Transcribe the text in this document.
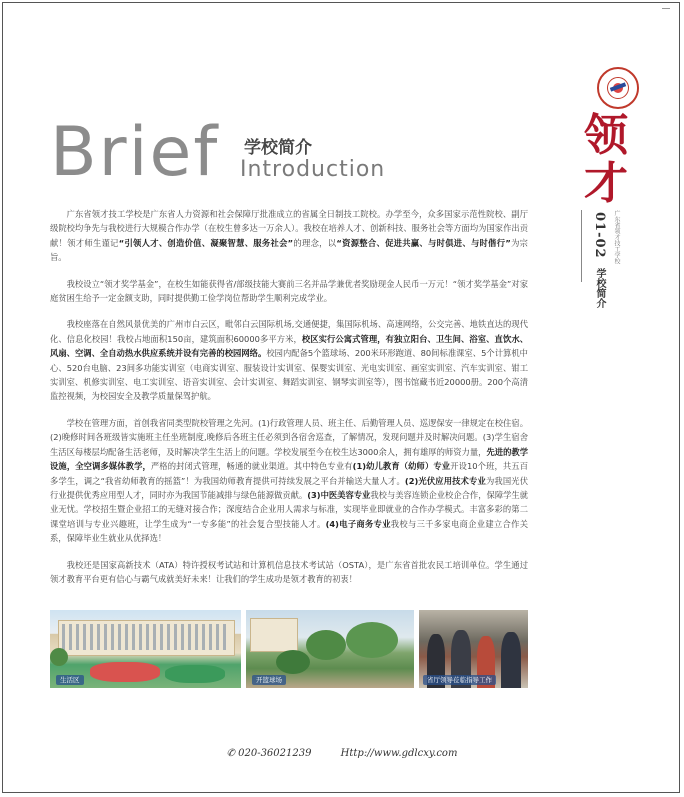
领
才
01-02 广东省领才技工学校
学校简介
Brief 学校简介
Introduction

广东省领才技工学校是广东省人力资源和社会保障厅批准成立的省属全日制技工院校。办学至今，众多国家示范性院校、副厅级院校均争先与我校进行大规模合作办学（在校生曾多达一万余人）。我校在培养人才、创新科技、服务社会等方面均为国家作出贡献！领才师生谨记“引领人才、创造价值、凝聚智慧、服务社会”的理念，以“资源整合、促进共赢、与时俱进、与时偕行”为宗旨。

我校设立“领才奖学基金”，在校生如能获得省/部级技能大赛前三名并品学兼优者奖励现金人民币一万元！“领才奖学基金”对家庭贫困生给予一定金额支助，同时提供勤工俭学岗位帮助学生顺利完成学业。

我校座落在自然风景优美的广州市白云区，毗邻白云国际机场,交通便捷，集国际机场、高速网络，公交完善、地铁直达的现代化、信息化校园！我校占地面积150亩，建筑面积60000多平方米，校区实行公寓式管理，有独立阳台、卫生间、浴室、直饮水、风扇、空调、全自动热水供应系统并设有完善的校园网络。校园内配备5个篮球场、200米环形跑道、80间标准课室、5个计算机中心、520台电脑、23间多功能实训室（电商实训室、服装设计实训室、保婴实训室、光电实训室、画室实训室、汽车实训室、钳工实训室、机修实训室、电工实训室、语音实训室、会计实训室、舞蹈实训室、钢琴实训室等），图书馆藏书近20000册。200个高清监控视频，为校园安全及教学质量保驾护航。

学校在管理方面，首创我省同类型院校管理之先河。(1)行政管理人员、班主任、后勤管理人员、巡逻保安一律规定在校住宿。(2)晚修时间各班级皆实施班主任坐班制度,晚修后各班主任必须到各宿舍巡查，了解情况，发现问题并及时解决问题。(3)学生宿舍生活区每楼层均配备生活老师，及时解决学生生活上的问题。学校发展至今在校生达3000余人，拥有雄厚的师资力量，先进的教学设施，全空调多媒体教学，严格的封闭式管理，畅通的就业渠道。其中特色专业有(1)幼儿教育（幼师）专业开设10个班，共五百多学生，调之“我省幼师教育的摇篮”！为我国幼师教育提供可持续发展之平台并输送大量人才。(2)光伏应用技术专业为我国光伏行业提供优秀应用型人才，同时亦为我国节能减排与绿色能源做贡献。(3)中医美容专业我校与美容连锁企业校企合作，保障学生就业无忧。学校招生暨企业招工的无缝对接合作；深度结合企业用人需求与标准，实现毕业即就业的合作办学模式。丰富多彩的第二课堂培训与专业兴趣班，让学生成为“一专多能”的社会复合型技能人才。(4)电子商务专业我校与三千多家电商企业建立合作关系，保障毕业生就业从优择选！

我校还是国家高新技术（ATA）特许授权考试站和计算机信息技术考试站（OSTA），是广东省首批农民工培训单位。学生通过领才教育平台更有信心与霸气成就美好未来！让我们的学生成功是领才教育的初衷！

生活区	开篮球场	省厅领导莅临指导工作
✆ 020-36021239	Http://www.gdlcxy.com
